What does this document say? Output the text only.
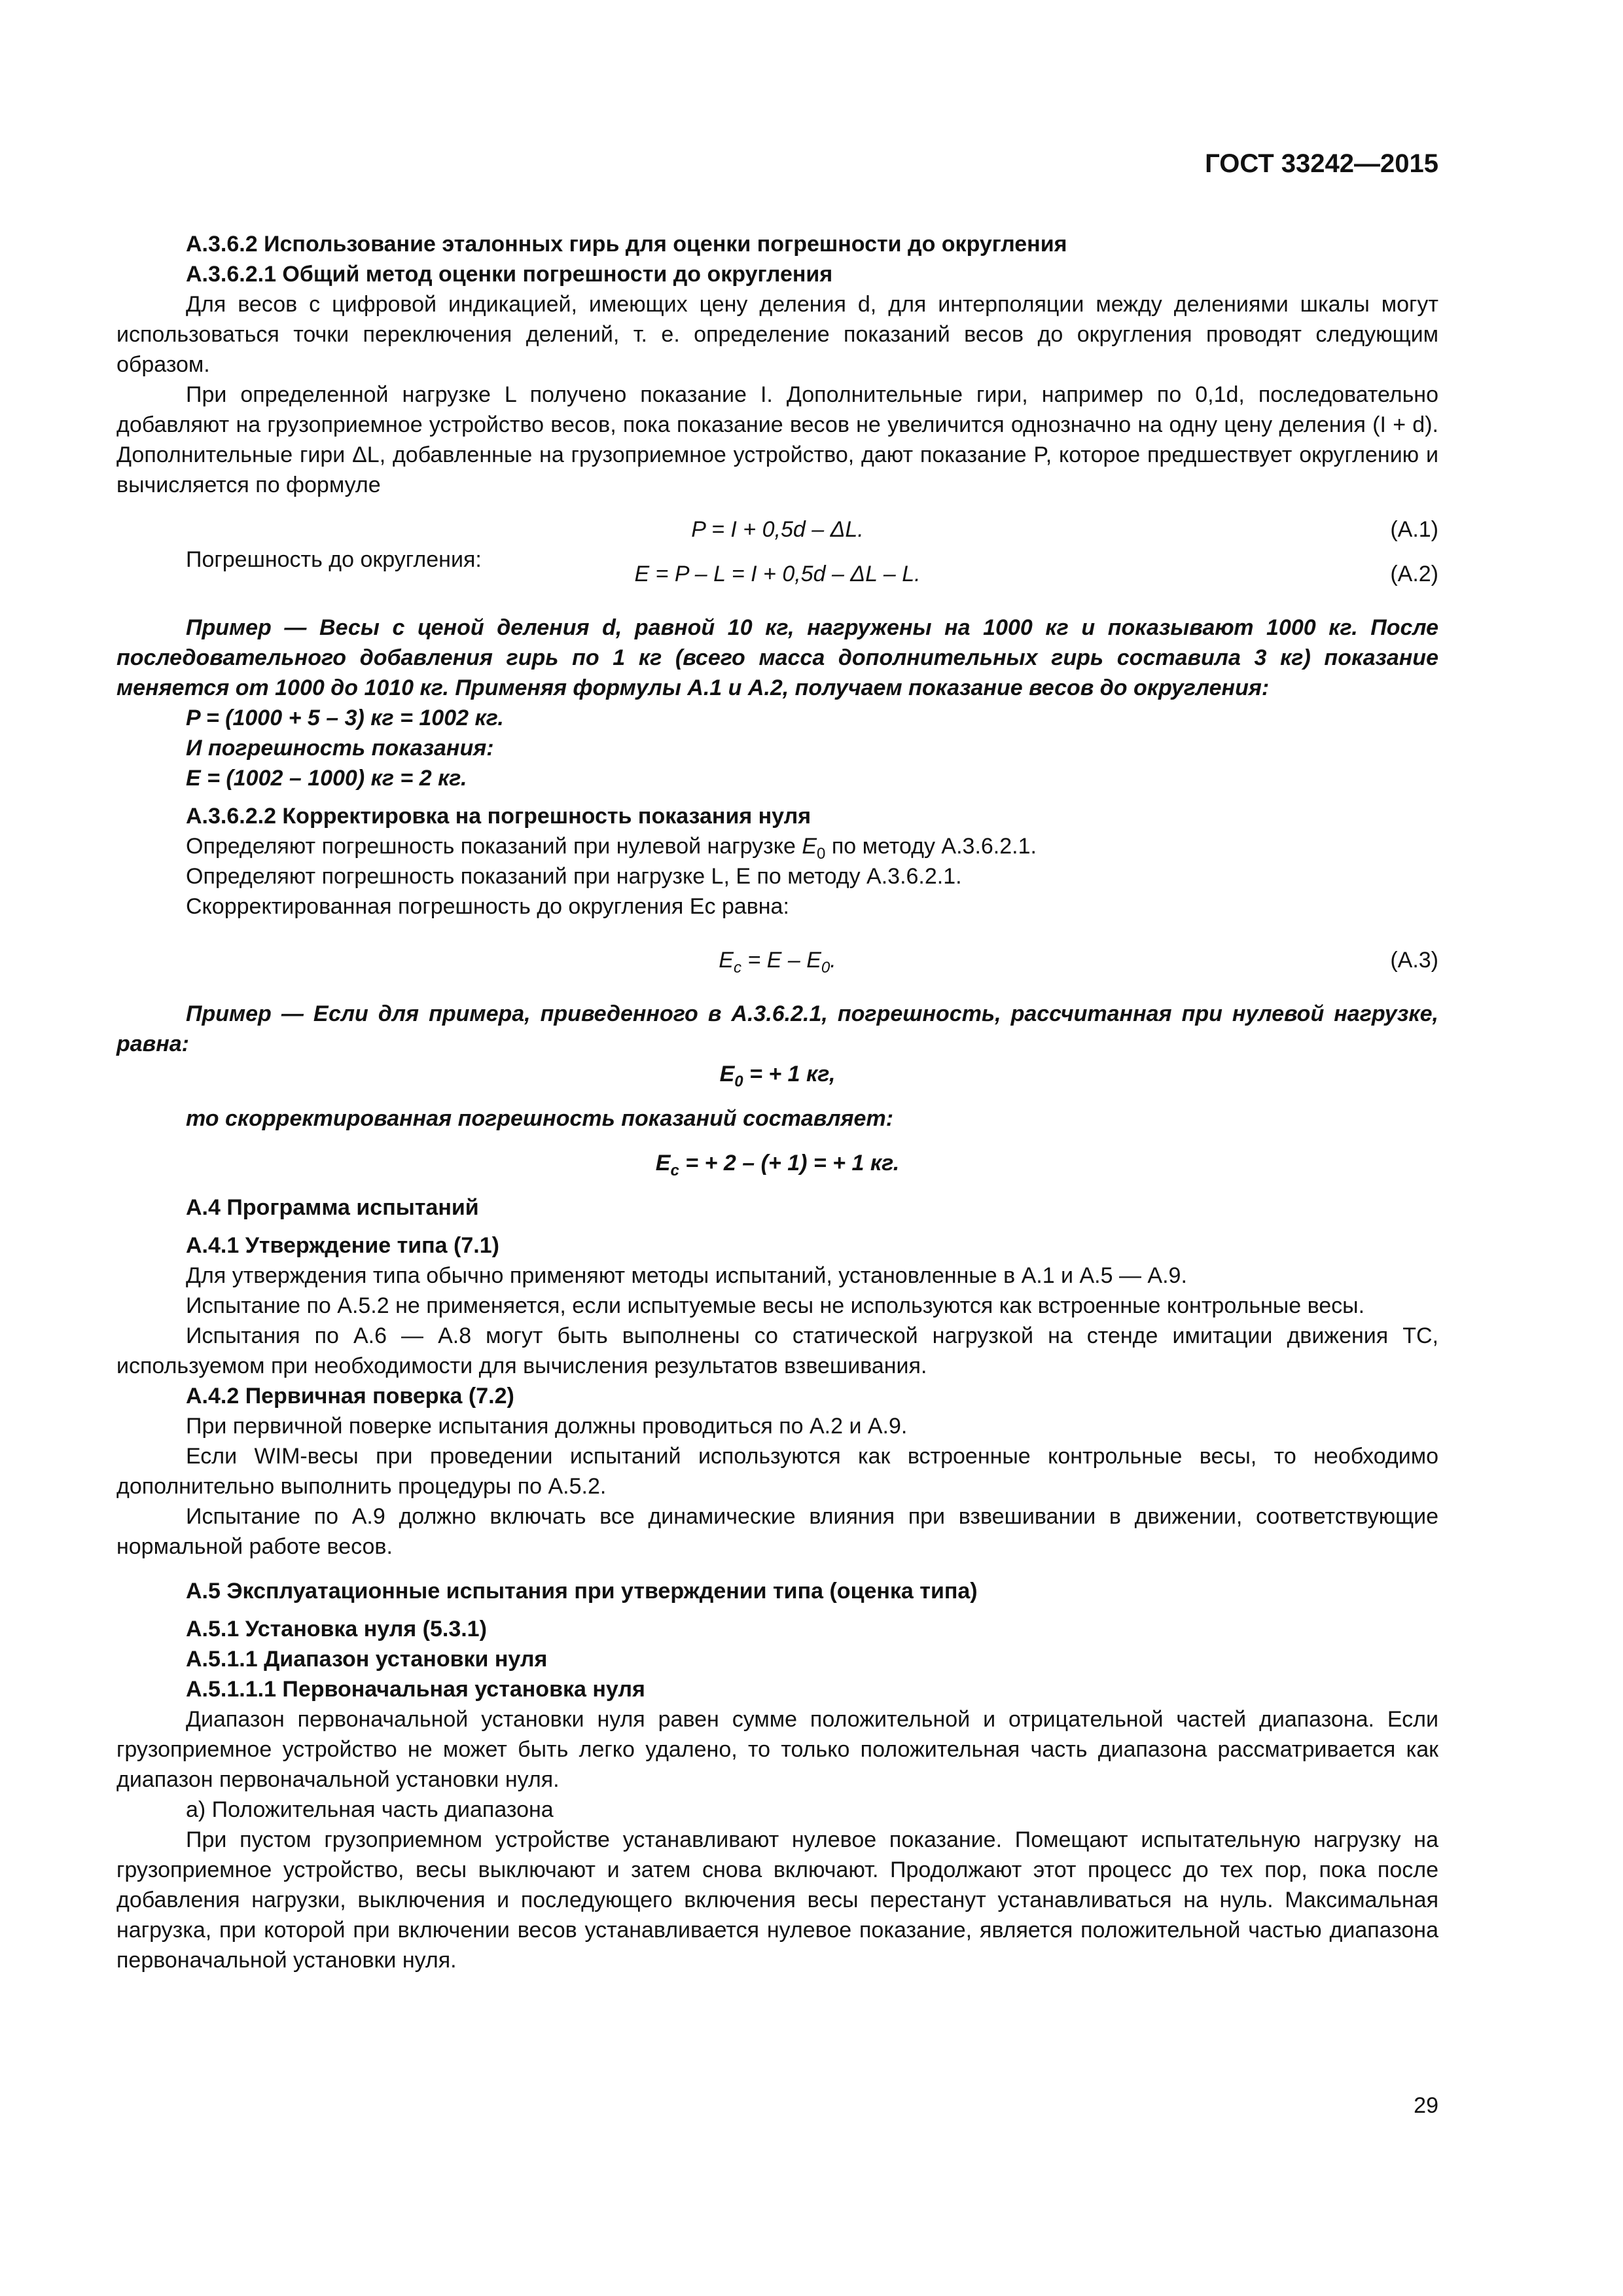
ГОСТ 33242—2015

А.3.6.2 Использование эталонных гирь для оценки погрешности до округления

А.3.6.2.1 Общий метод оценки погрешности до округления

Для весов с цифровой индикацией, имеющих цену деления d, для интерполяции между делениями шкалы могут использоваться точки переключения делений, т. е. определение показаний весов до округления проводят следующим образом.

При определенной нагрузке L получено показание I. Дополнительные гири, например по 0,1d, последовательно добавляют на грузоприемное устройство весов, пока показание весов не увеличится однозначно на одну цену деления (I + d). Дополнительные гири ΔL, добавленные на грузоприемное устройство, дают показание P, которое предшествует округлению и вычисляется по формуле

P = I + 0,5d – ΔL.	(А.1)
Погрешность до округления:
E = P – L = I + 0,5d – ΔL – L.	(А.2)

Пример — Весы с ценой деления d, равной 10 кг, нагружены на 1000 кг и показывают 1000 кг. После последовательного добавления гирь по 1 кг (всего масса дополнительных гирь составила 3 кг) показание меняется от 1000 до 1010 кг. Применяя формулы А.1 и А.2, получаем показание весов до округления:

P = (1000 + 5 – 3) кг = 1002 кг.

И погрешность показания:

E = (1002 – 1000) кг = 2 кг.

А.3.6.2.2 Корректировка на погрешность показания нуля

Определяют погрешность показаний при нулевой нагрузке $E_0$ по методу А.3.6.2.1.

Определяют погрешность показаний при нагрузке L, E по методу А.3.6.2.1.

Скорректированная погрешность до округления Ec равна:

$E_c = E - E_0$.	(А.3)

Пример — Если для примера, приведенного в А.3.6.2.1, погрешность, рассчитанная при нулевой нагрузке, равна:

$E_0$ = + 1 кг,

то скорректированная погрешность показаний составляет:

$E_c$ = + 2 – (+ 1) = + 1 кг.

А.4 Программа испытаний

А.4.1 Утверждение типа (7.1)

Для утверждения типа обычно применяют методы испытаний, установленные в А.1 и А.5 — А.9.

Испытание по А.5.2 не применяется, если испытуемые весы не используются как встроенные контрольные весы.

Испытания по А.6 — А.8 могут быть выполнены со статической нагрузкой на стенде имитации движения ТС, используемом при необходимости для вычисления результатов взвешивания.

А.4.2 Первичная поверка (7.2)

При первичной поверке испытания должны проводиться по А.2 и А.9.

Если WIM-весы при проведении испытаний используются как встроенные контрольные весы, то необходимо дополнительно выполнить процедуры по А.5.2.

Испытание по А.9 должно включать все динамические влияния при взвешивании в движении, соответствующие нормальной работе весов.

А.5 Эксплуатационные испытания при утверждении типа (оценка типа)

А.5.1 Установка нуля (5.3.1)

А.5.1.1 Диапазон установки нуля

А.5.1.1.1 Первоначальная установка нуля

Диапазон первоначальной установки нуля равен сумме положительной и отрицательной частей диапазона. Если грузоприемное устройство не может быть легко удалено, то только положительная часть диапазона рассматривается как диапазон первоначальной установки нуля.

а) Положительная часть диапазона

При пустом грузоприемном устройстве устанавливают нулевое показание. Помещают испытательную нагрузку на грузоприемное устройство, весы выключают и затем снова включают. Продолжают этот процесс до тех пор, пока после добавления нагрузки, выключения и последующего включения весы перестанут устанавливаться на нуль. Максимальная нагрузка, при которой при включении весов устанавливается нулевое показание, является положительной частью диапазона первоначальной установки нуля.

29
